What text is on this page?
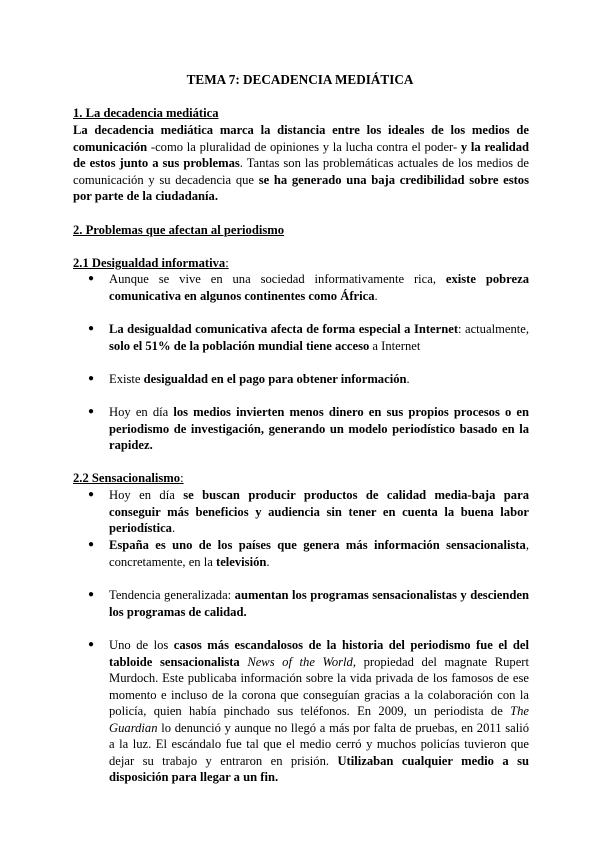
TEMA 7: DECADENCIA MEDIÁTICA
1. La decadencia mediática
La decadencia mediática marca la distancia entre los ideales de los medios de comunicación -como la pluralidad de opiniones y la lucha contra el poder- y la realidad de estos junto a sus problemas. Tantas son las problemáticas actuales de los medios de comunicación y su decadencia que se ha generado una baja credibilidad sobre estos por parte de la ciudadanía.
2. Problemas que afectan al periodismo
2.1 Desigualdad informativa:
● Aunque se vive en una sociedad informativamente rica, existe pobreza comunicativa en algunos continentes como África.
● La desigualdad comunicativa afecta de forma especial a Internet: actualmente, solo el 51% de la población mundial tiene acceso a Internet
● Existe desigualdad en el pago para obtener información.
● Hoy en día los medios invierten menos dinero en sus propios procesos o en periodismo de investigación, generando un modelo periodístico basado en la rapidez.
2.2 Sensacionalismo:
● Hoy en día se buscan producir productos de calidad media-baja para conseguir más beneficios y audiencia sin tener en cuenta la buena labor periodística.
● España es uno de los países que genera más información sensacionalista, concretamente, en la televisión.
● Tendencia generalizada: aumentan los programas sensacionalistas y descienden los programas de calidad.
● Uno de los casos más escandalosos de la historia del periodismo fue el del tabloide sensacionalista News of the World, propiedad del magnate Rupert Murdoch. Este publicaba información sobre la vida privada de los famosos de ese momento e incluso de la corona que conseguían gracias a la colaboración con la policía, quien había pinchado sus teléfonos. En 2009, un periodista de The Guardian lo denunció y aunque no llegó a más por falta de pruebas, en 2011 salió a la luz. El escándalo fue tal que el medio cerró y muchos policías tuvieron que dejar su trabajo y entraron en prisión. Utilizaban cualquier medio a su disposición para llegar a un fin.
